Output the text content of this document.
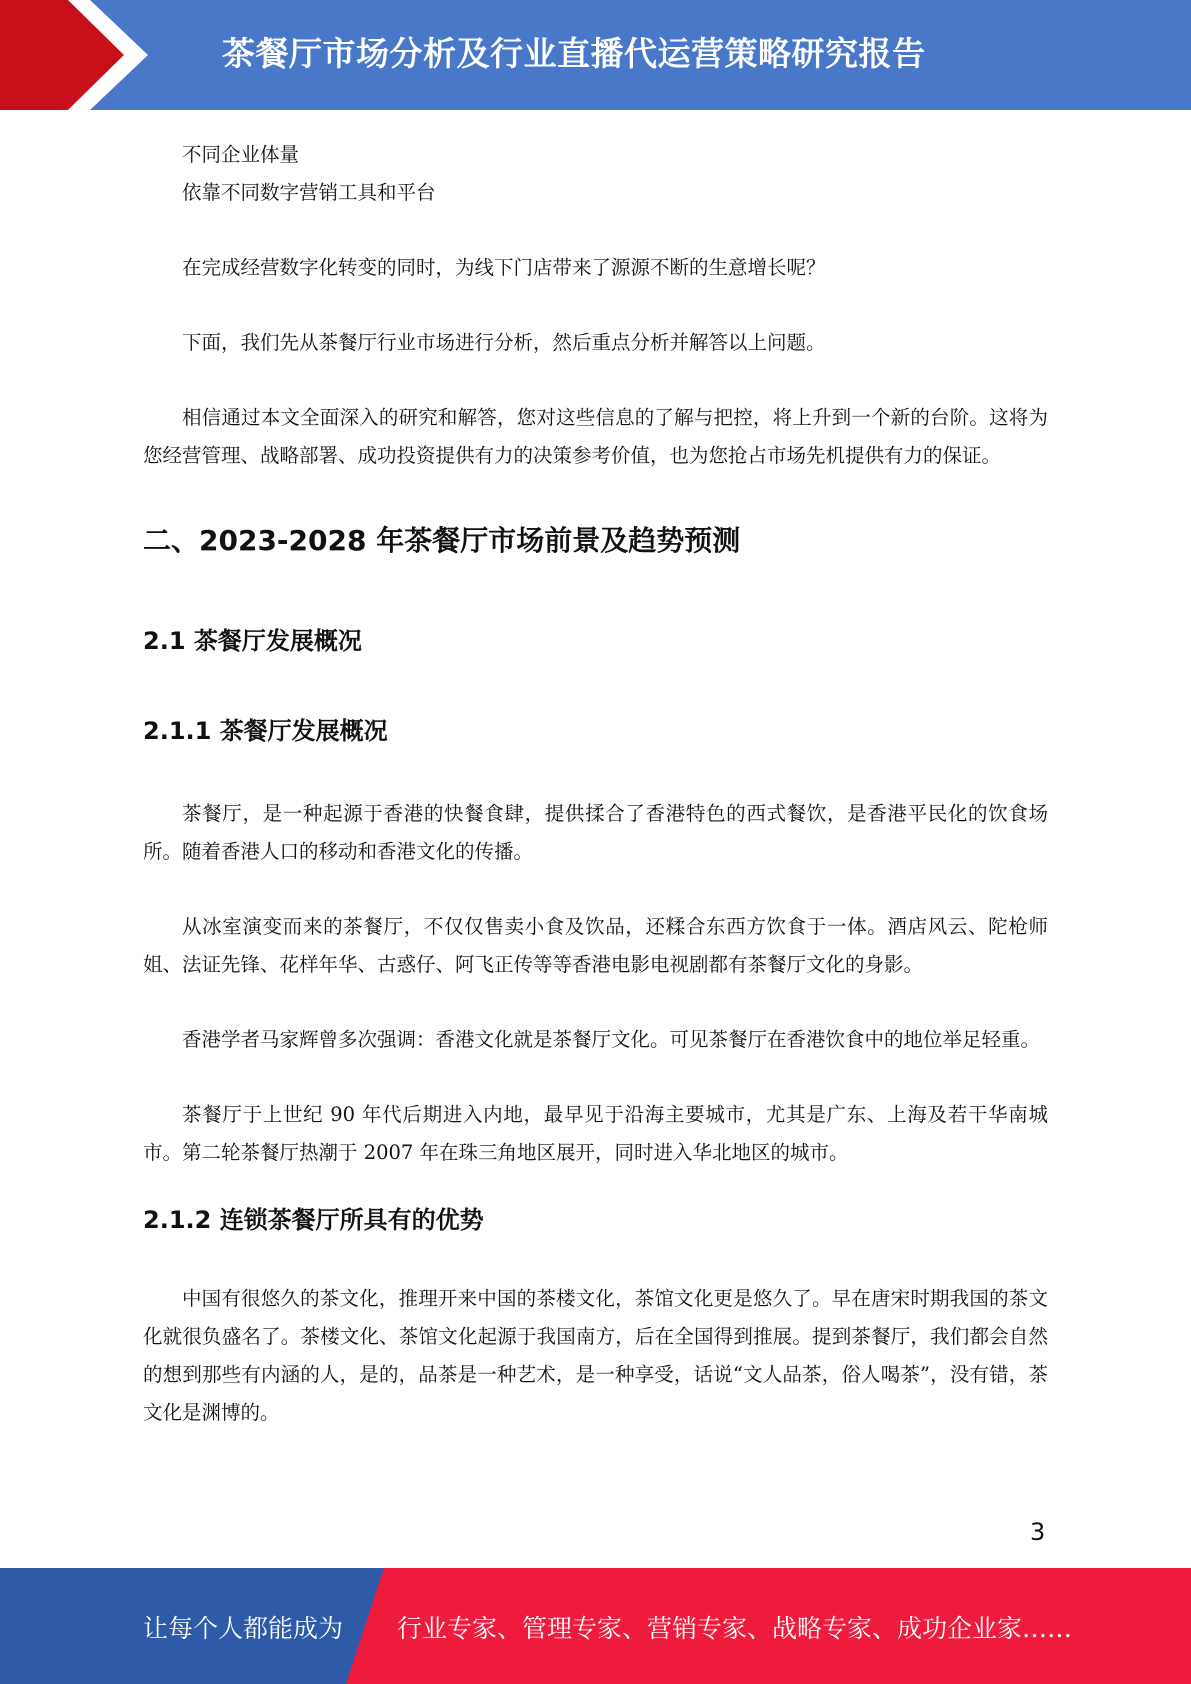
茶餐厅市场分析及行业直播代运营策略研究报告

不同企业体量

依靠不同数字营销工具和平台

在完成经营数字化转变的同时，为线下门店带来了源源不断的生意增长呢？

下面，我们先从茶餐厅行业市场进行分析，然后重点分析并解答以上问题。

相信通过本文全面深入的研究和解答，您对这些信息的了解与把控，将上升到一个新的台阶。这将为您经营管理、战略部署、成功投资提供有力的决策参考价值，也为您抢占市场先机提供有力的保证。

二、2023-2028 年茶餐厅市场前景及趋势预测
2.1 茶餐厅发展概况
2.1.1 茶餐厅发展概况

茶餐厅，是一种起源于香港的快餐食肆，提供揉合了香港特色的西式餐饮，是香港平民化的饮食场所。随着香港人口的移动和香港文化的传播。

从冰室演变而来的茶餐厅，不仅仅售卖小食及饮品，还糅合东西方饮食于一体。酒店风云、陀枪师姐、法证先锋、花样年华、古惑仔、阿飞正传等等香港电影电视剧都有茶餐厅文化的身影。

香港学者马家辉曾多次强调：香港文化就是茶餐厅文化。可见茶餐厅在香港饮食中的地位举足轻重。

茶餐厅于上世纪 90 年代后期进入内地，最早见于沿海主要城市，尤其是广东、上海及若干华南城市。第二轮茶餐厅热潮于 2007 年在珠三角地区展开，同时进入华北地区的城市。

2.1.2 连锁茶餐厅所具有的优势

中国有很悠久的茶文化，推理开来中国的茶楼文化，茶馆文化更是悠久了。早在唐宋时期我国的茶文化就很负盛名了。茶楼文化、茶馆文化起源于我国南方，后在全国得到推展。提到茶餐厅，我们都会自然的想到那些有内涵的人，是的，品茶是一种艺术，是一种享受，话说“文人品茶，俗人喝茶”，没有错，茶文化是渊博的。

3
让每个人都能成为 行业专家、管理专家、营销专家、战略专家、成功企业家……
